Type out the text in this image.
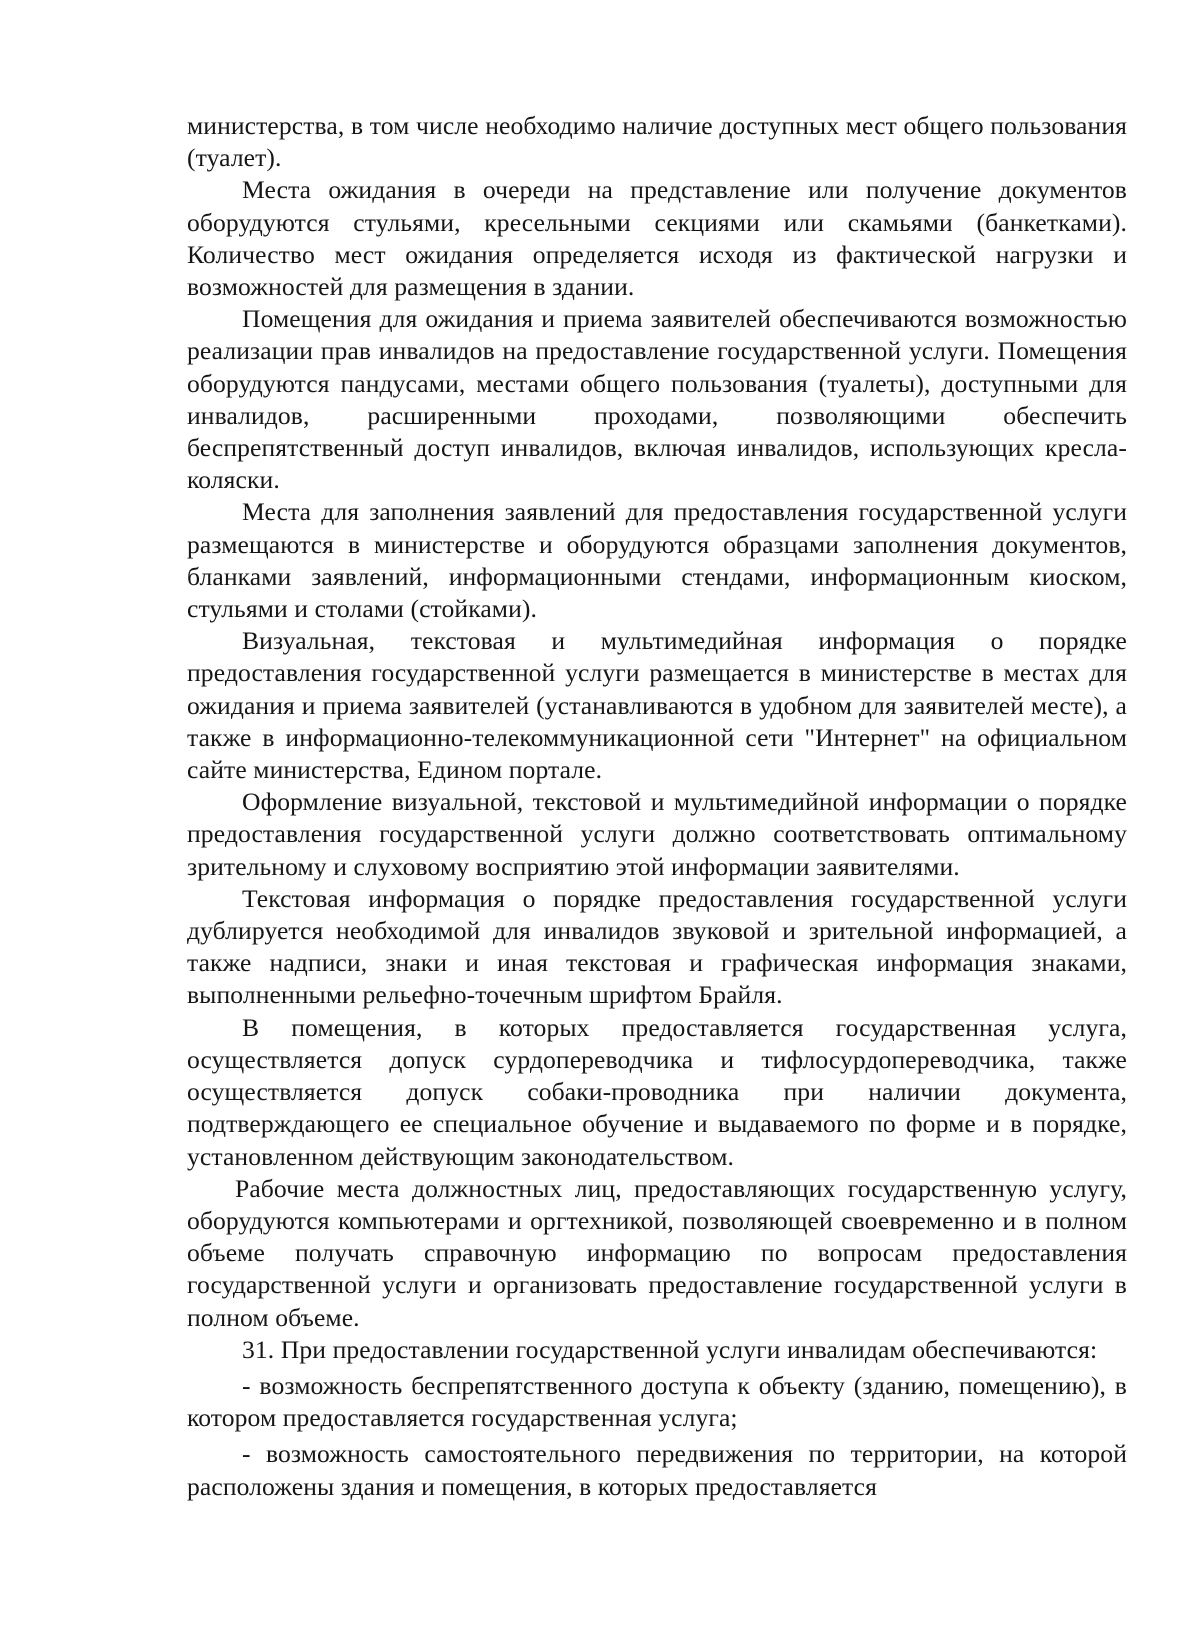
министерства, в том числе необходимо наличие доступных мест общего пользования (туалет).

Места ожидания в очереди на представление или получение документов оборудуются стульями, кресельными секциями или скамьями (банкетками). Количество мест ожидания определяется исходя из фактической нагрузки и возможностей для размещения в здании.

Помещения для ожидания и приема заявителей обеспечиваются возможностью реализации прав инвалидов на предоставление государственной услуги. Помещения оборудуются пандусами, местами общего пользования (туалеты), доступными для инвалидов, расширенными проходами, позволяющими обеспечить беспрепятственный доступ инвалидов, включая инвалидов, использующих кресла-коляски.

Места для заполнения заявлений для предоставления государственной услуги размещаются в министерстве и оборудуются образцами заполнения документов, бланками заявлений, информационными стендами, информационным киоском, стульями и столами (стойками).

Визуальная, текстовая и мультимедийная информация о порядке предоставления государственной услуги размещается в министерстве в местах для ожидания и приема заявителей (устанавливаются в удобном для заявителей месте), а также в информационно-телекоммуникационной сети "Интернет" на официальном сайте министерства, Едином портале.

Оформление визуальной, текстовой и мультимедийной информации о порядке предоставления государственной услуги должно соответствовать оптимальному зрительному и слуховому восприятию этой информации заявителями.

Текстовая информация о порядке предоставления государственной услуги дублируется необходимой для инвалидов звуковой и зрительной информацией, а также надписи, знаки и иная текстовая и графическая информация знаками, выполненными рельефно-точечным шрифтом Брайля.

В помещения, в которых предоставляется государственная услуга, осуществляется допуск сурдопереводчика и тифлосурдопереводчика, также осуществляется допуск собаки-проводника при наличии документа, подтверждающего ее специальное обучение и выдаваемого по форме и в порядке, установленном действующим законодательством.

Рабочие места должностных лиц, предоставляющих государственную услугу, оборудуются компьютерами и оргтехникой, позволяющей своевременно и в полном объеме получать справочную информацию по вопросам предоставления государственной услуги и организовать предоставление государственной услуги в полном объеме.

31. При предоставлении государственной услуги инвалидам обеспечиваются:

- возможность беспрепятственного доступа к объекту (зданию, помещению), в котором предоставляется государственная услуга;

- возможность самостоятельного передвижения по территории, на которой расположены здания и помещения, в которых предоставляется
